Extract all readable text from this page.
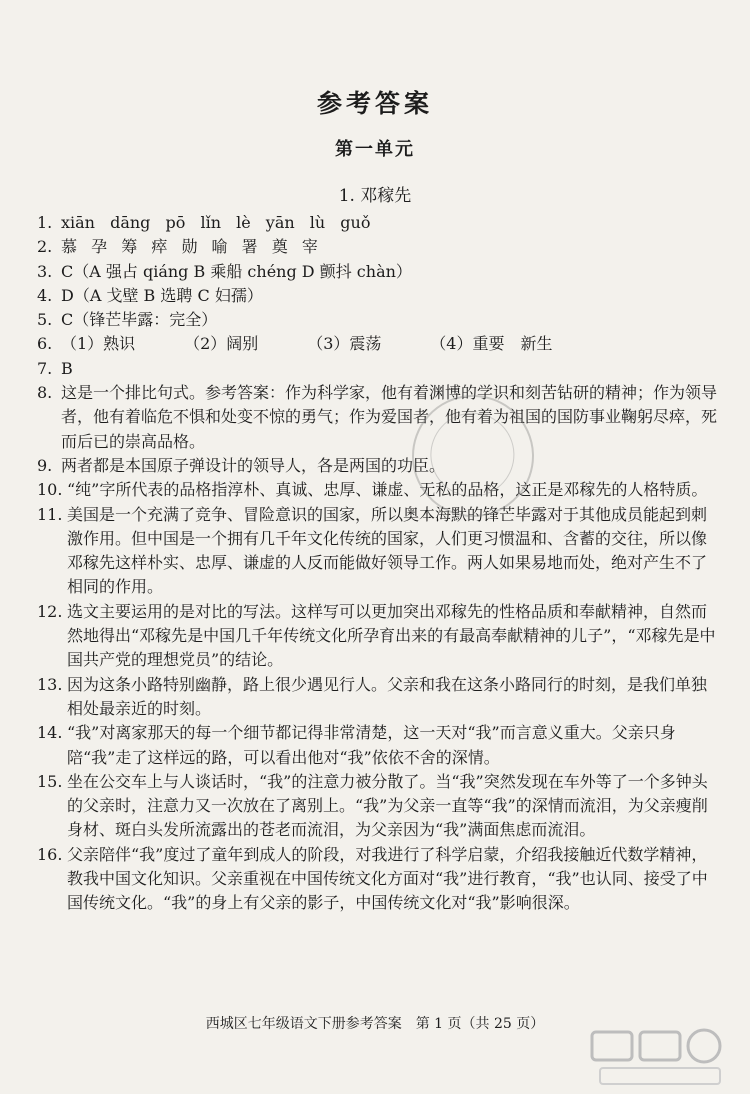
参考答案
第一单元
1. 邓稼先
1. xiān dāng pō lǐn lè yān lù guǒ
2. 慕 孕 筹 瘁 勋 喻 署 奠 宰
3. C（A 强占 qiáng B 乘船 chéng D 颤抖 chàn）
4. D（A 戈壁 B 选聘 C 妇孺）
5. C（锋芒毕露：完全）
6. （1）熟识	（2）阔别	（3）震荡	（4）重要　新生
7. B
8. 这是一个排比句式。参考答案：作为科学家，他有着渊博的学识和刻苦钻研的精神；作为领导者，他有着临危不惧和处变不惊的勇气；作为爱国者，他有着为祖国的国防事业鞠躬尽瘁，死而后已的崇高品格。
9. 两者都是本国原子弹设计的领导人，各是两国的功臣。
10. “纯”字所代表的品格指淳朴、真诚、忠厚、谦虚、无私的品格，这正是邓稼先的人格特质。
11. 美国是一个充满了竞争、冒险意识的国家，所以奥本海默的锋芒毕露对于其他成员能起到刺激作用。但中国是一个拥有几千年文化传统的国家，人们更习惯温和、含蓄的交往，所以像邓稼先这样朴实、忠厚、谦虚的人反而能做好领导工作。两人如果易地而处，绝对产生不了相同的作用。
12. 选文主要运用的是对比的写法。这样写可以更加突出邓稼先的性格品质和奉献精神，自然而然地得出“邓稼先是中国几千年传统文化所孕育出来的有最高奉献精神的儿子”，“邓稼先是中国共产党的理想党员”的结论。
13. 因为这条小路特别幽静，路上很少遇见行人。父亲和我在这条小路同行的时刻，是我们单独相处最亲近的时刻。
14. “我”对离家那天的每一个细节都记得非常清楚，这一天对“我”而言意义重大。父亲只身陪“我”走了这样远的路，可以看出他对“我”依依不舍的深情。
15. 坐在公交车上与人谈话时，“我”的注意力被分散了。当“我”突然发现在车外等了一个多钟头的父亲时，注意力又一次放在了离别上。“我”为父亲一直等“我”的深情而流泪，为父亲瘦削身材、斑白头发所流露出的苍老而流泪，为父亲因为“我”满面焦虑而流泪。
16. 父亲陪伴“我”度过了童年到成人的阶段，对我进行了科学启蒙，介绍我接触近代数学精神，教我中国文化知识。父亲重视在中国传统文化方面对“我”进行教育，“我”也认同、接受了中国传统文化。“我”的身上有父亲的影子，中国传统文化对“我”影响很深。
西城区七年级语文下册参考答案　第 1 页（共 25 页）
